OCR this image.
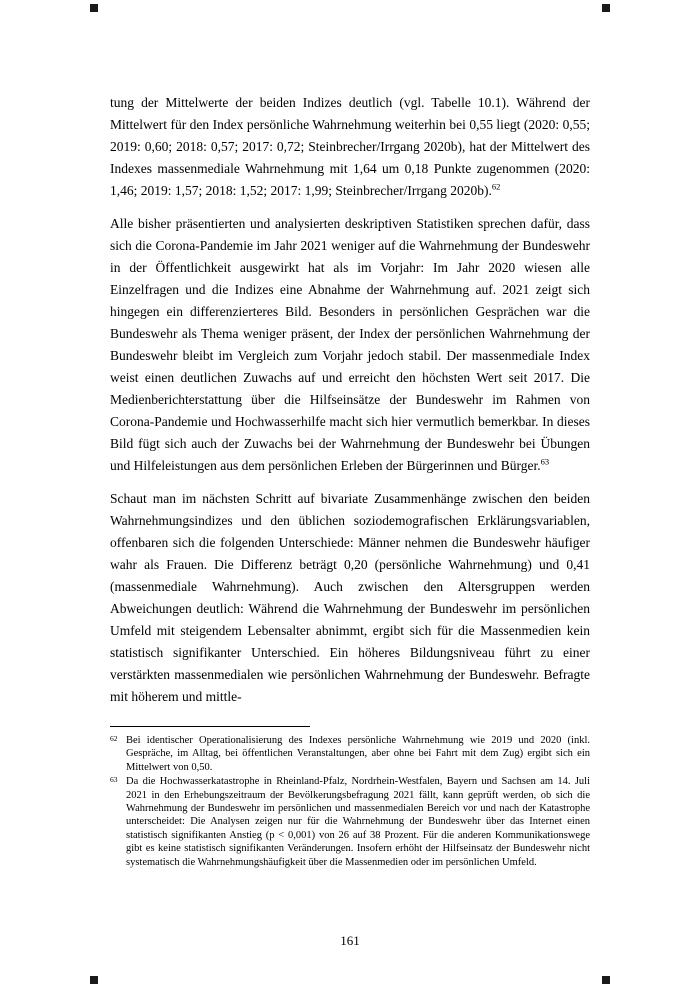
tung der Mittelwerte der beiden Indizes deutlich (vgl. Tabelle 10.1). Während der Mittelwert für den Index persönliche Wahrnehmung weiterhin bei 0,55 liegt (2020: 0,55; 2019: 0,60; 2018: 0,57; 2017: 0,72; Steinbrecher/Irrgang 2020b), hat der Mittelwert des Indexes massenmediale Wahrnehmung mit 1,64 um 0,18 Punkte zugenommen (2020: 1,46; 2019: 1,57; 2018: 1,52; 2017: 1,99; Steinbrecher/Irrgang 2020b).$^{62}$

Alle bisher präsentierten und analysierten deskriptiven Statistiken sprechen dafür, dass sich die Corona-Pandemie im Jahr 2021 weniger auf die Wahrnehmung der Bundeswehr in der Öffentlichkeit ausgewirkt hat als im Vorjahr: Im Jahr 2020 wiesen alle Einzelfragen und die Indizes eine Abnahme der Wahrnehmung auf. 2021 zeigt sich hingegen ein differenzierteres Bild. Besonders in persönlichen Gesprächen war die Bundeswehr als Thema weniger präsent, der Index der persönlichen Wahrnehmung der Bundeswehr bleibt im Vergleich zum Vorjahr jedoch stabil. Der massenmediale Index weist einen deutlichen Zuwachs auf und erreicht den höchsten Wert seit 2017. Die Medienberichterstattung über die Hilfseinsätze der Bundeswehr im Rahmen von Corona-Pandemie und Hochwasserhilfe macht sich hier vermutlich bemerkbar. In dieses Bild fügt sich auch der Zuwachs bei der Wahrnehmung der Bundeswehr bei Übungen und Hilfeleistungen aus dem persönlichen Erleben der Bürgerinnen und Bürger.$^{63}$

Schaut man im nächsten Schritt auf bivariate Zusammenhänge zwischen den beiden Wahrnehmungsindizes und den üblichen soziodemografischen Erklärungsvariablen, offenbaren sich die folgenden Unterschiede: Männer nehmen die Bundeswehr häufiger wahr als Frauen. Die Differenz beträgt 0,20 (persönliche Wahrnehmung) und 0,41 (massenmediale Wahrnehmung). Auch zwischen den Altersgruppen werden Abweichungen deutlich: Während die Wahrnehmung der Bundeswehr im persönlichen Umfeld mit steigendem Lebensalter abnimmt, ergibt sich für die Massenmedien kein statistisch signifikanter Unterschied. Ein höheres Bildungsniveau führt zu einer verstärkten massenmedialen wie persönlichen Wahrnehmung der Bundeswehr. Befragte mit höherem und mittle-

62 Bei identischer Operationalisierung des Indexes persönliche Wahrnehmung wie 2019 und 2020 (inkl. Gespräche, im Alltag, bei öffentlichen Veranstaltungen, aber ohne bei Fahrt mit dem Zug) ergibt sich ein Mittelwert von 0,50.

63 Da die Hochwasserkatastrophe in Rheinland-Pfalz, Nordrhein-Westfalen, Bayern und Sachsen am 14. Juli 2021 in den Erhebungszeitraum der Bevölkerungsbefragung 2021 fällt, kann geprüft werden, ob sich die Wahrnehmung der Bundeswehr im persönlichen und massenmedialen Bereich vor und nach der Katastrophe unterscheidet: Die Analysen zeigen nur für die Wahrnehmung der Bundeswehr über das Internet einen statistisch signifikanten Anstieg (p < 0,001) von 26 auf 38 Prozent. Für die anderen Kommunikationswege gibt es keine statistisch signifikanten Veränderungen. Insofern erhöht der Hilfseinsatz der Bundeswehr nicht systematisch die Wahrnehmungshäufigkeit über die Massenmedien oder im persönlichen Umfeld.

161
